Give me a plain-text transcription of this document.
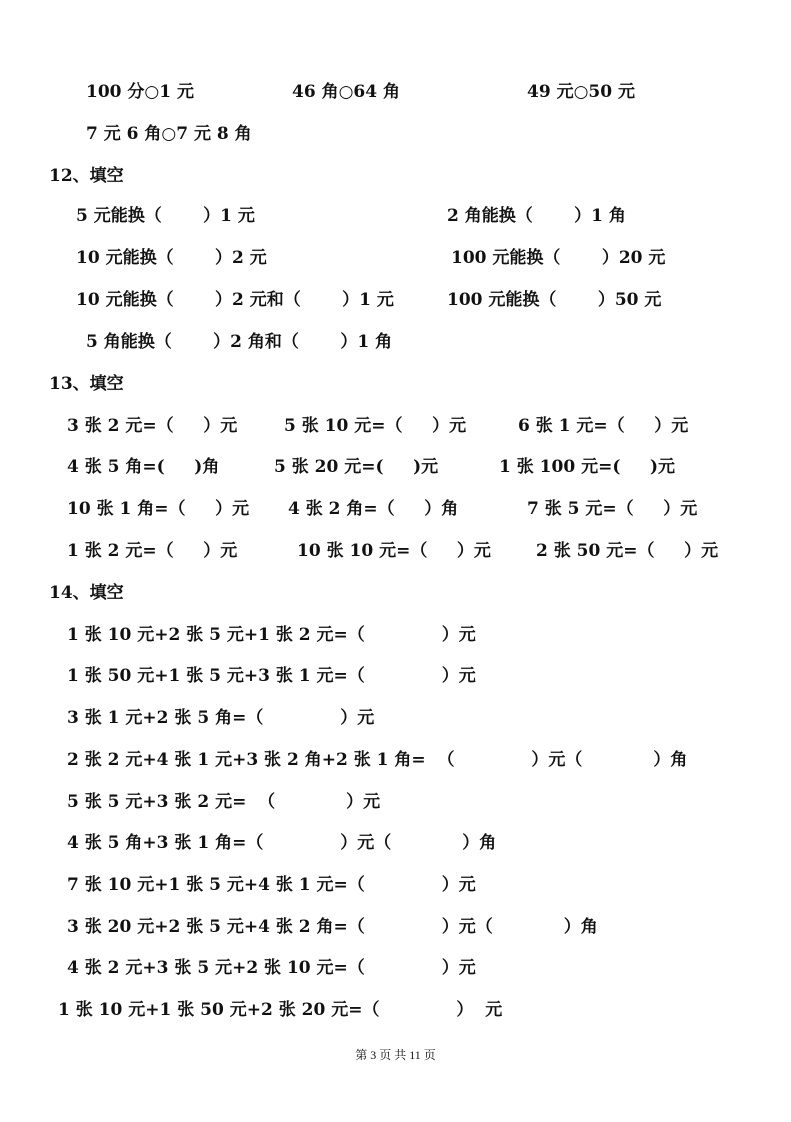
100 分○1 元	46 角○64 角	49 元○50 元
7 元 6 角○7 元 8 角
12、填空
5 元能换（       ）1 元	2 角能换（       ）1 角
10 元能换（       ）2 元	100 元能换（       ）20 元
10 元能换（       ）2 元和（       ）1 元	100 元能换（       ）50 元
5 角能换（       ）2 角和（       ）1 角
13、填空
3 张 2 元=（     ）元	5 张 10 元=（     ）元	6 张 1 元=（     ）元
4 张 5 角=(     )角	5 张 20 元=(     )元	1 张 100 元=(     )元
10 张 1 角=（     ）元 4 张 2 角=（     ）角	7 张 5 元=（     ）元
1 张 2 元=（     ）元	10 张 10 元=（     ）元	2 张 50 元=（     ）元
14、填空
1 张 10 元+2 张 5 元+1 张 2 元=（             ）元
1 张 50 元+1 张 5 元+3 张 1 元=（             ）元
3 张 1 元+2 张 5 角=（             ）元
2 张 2 元+4 张 1 元+3 张 2 角+2 张 1 角=  （             ）元（            ）角
5 张 5 元+3 张 2 元=  （            ）元
4 张 5 角+3 张 1 角=（             ）元（            ）角
7 张 10 元+1 张 5 元+4 张 1 元=（             ）元
3 张 20 元+2 张 5 元+4 张 2 角=（             ）元（            ）角
4 张 2 元+3 张 5 元+2 张 10 元=（             ）元
1 张 10 元+1 张 50 元+2 张 20 元=（             ）  元
第 3 页 共 11 页
